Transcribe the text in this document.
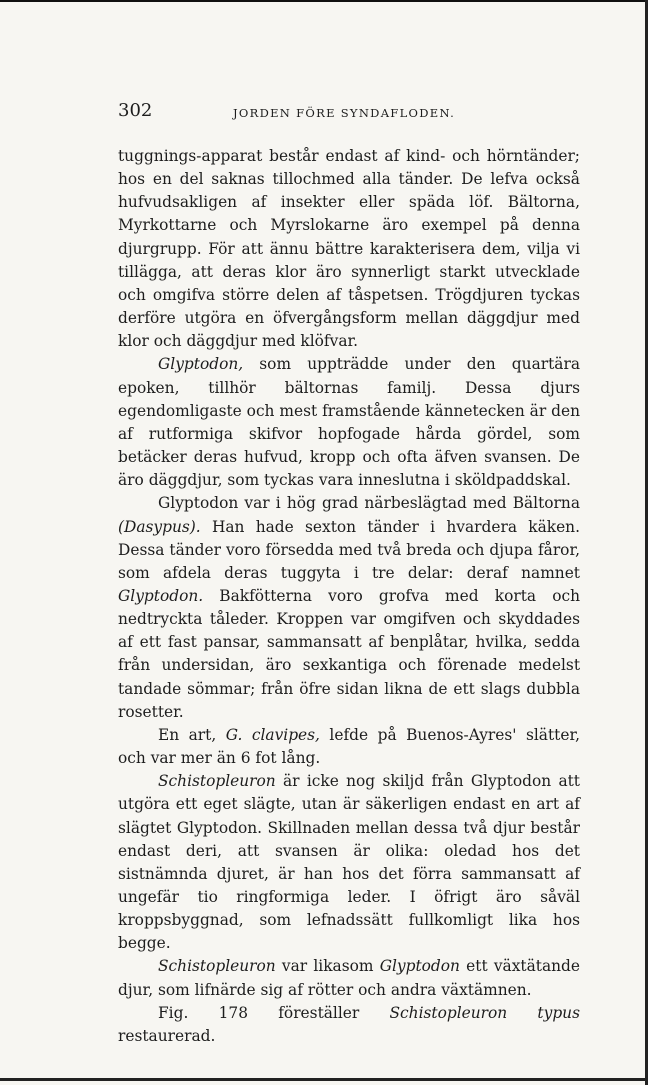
302	JORDEN FÖRE SYNDAFLODEN.

tuggnings-apparat består endast af kind- och hörntänder; hos en del saknas tillochmed alla tänder. De lefva också hufvudsakligen af insekter eller späda löf. Bältorna, Myrkottarne och Myrslokarne äro exempel på denna djurgrupp. För att ännu bättre karakterisera dem, vilja vi tillägga, att deras klor äro synnerligt starkt utvecklade och omgifva större delen af tåspetsen. Trögdjuren tyckas derföre utgöra en öfvergångsform mellan däggdjur med klor och däggdjur med klöfvar.

Glyptodon, som uppträdde under den quartära epoken, tillhör bältornas familj. Dessa djurs egendomligaste och mest framstående kännetecken är den af rutformiga skifvor hopfogade hårda gördel, som betäcker deras hufvud, kropp och ofta äfven svansen. De äro däggdjur, som tyckas vara inneslutna i sköldpaddskal.

Glyptodon var i hög grad närbeslägtad med Bältorna (Dasypus). Han hade sexton tänder i hvardera käken. Dessa tänder voro försedda med två breda och djupa fåror, som afdela deras tuggyta i tre delar: deraf namnet Glyptodon. Bakfötterna voro grofva med korta och nedtryckta tåleder. Kroppen var omgifven och skyddades af ett fast pansar, sammansatt af benplåtar, hvilka, sedda från undersidan, äro sexkantiga och förenade medelst tandade sömmar; från öfre sidan likna de ett slags dubbla rosetter.

En art, G. clavipes, lefde på Buenos-Ayres' slätter, och var mer än 6 fot lång.

Schistopleuron är icke nog skiljd från Glyptodon att utgöra ett eget slägte, utan är säkerligen endast en art af slägtet Glyptodon. Skillnaden mellan dessa två djur består endast deri, att svansen är olika: oledad hos det sistnämnda djuret, är han hos det förra sammansatt af ungefär tio ringformiga leder. I öfrigt äro såväl kroppsbyggnad, som lefnadssätt fullkomligt lika hos begge.

Schistopleuron var likasom Glyptodon ett växtätande djur, som lifnärde sig af rötter och andra växtämnen.

Fig. 178 föreställer Schistopleuron typus restaurerad.
